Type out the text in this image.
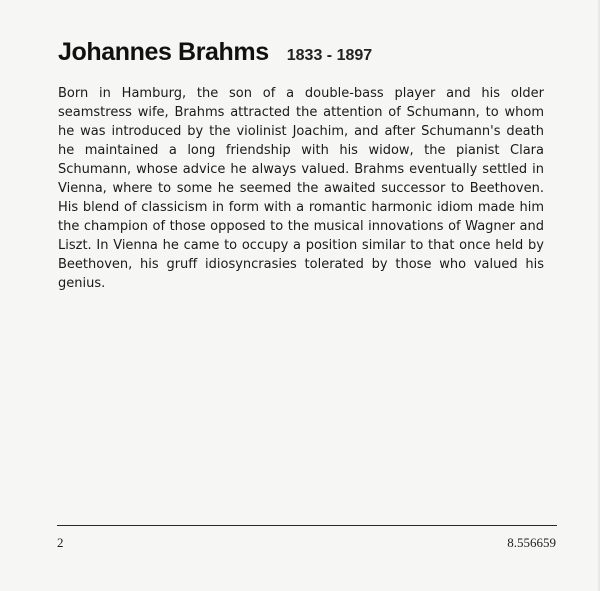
Johannes Brahms 1833 - 1897

Born in Hamburg, the son of a double-bass player and his older seamstress wife, Brahms attracted the attention of Schumann, to whom he was introduced by the violinist Joachim, and after Schumann's death he maintained a long friendship with his widow, the pianist Clara Schumann, whose advice he always valued. Brahms eventually settled in Vienna, where to some he seemed the awaited successor to Beethoven. His blend of classicism in form with a romantic harmonic idiom made him the champion of those opposed to the musical innovations of Wagner and Liszt. In Vienna he came to occupy a position similar to that once held by Beethoven, his gruff idiosyncrasies tolerated by those who valued his genius.

2	8.556659
